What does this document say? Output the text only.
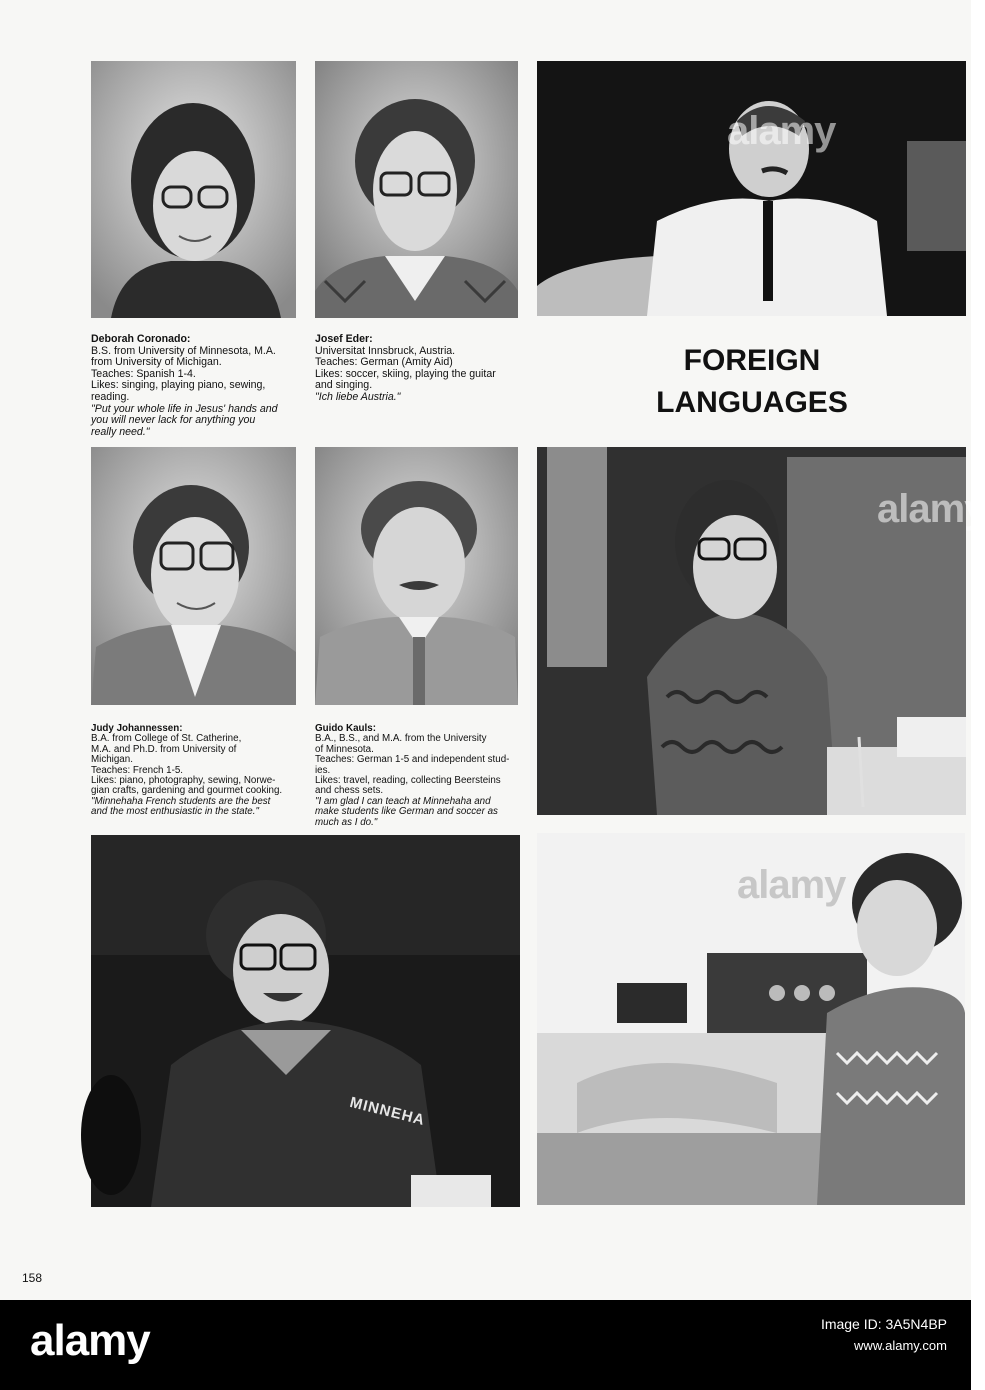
alamy
Deborah Coronado:
B.S. from University of Minnesota, M.A.
from University of Michigan.
Teaches: Spanish 1-4.
Likes: singing, playing piano, sewing,
reading.
"Put your whole life in Jesus' hands and
you will never lack for anything you
really need."
Josef Eder:
Universitat Innsbruck, Austria.
Teaches: German (Amity Aid)
Likes: soccer, skiing, playing the guitar
and singing.
"Ich liebe Austria."
FOREIGN
LANGUAGES
alamy
Judy Johannessen:
B.A. from College of St. Catherine,
M.A. and Ph.D. from University of
Michigan.
Teaches: French 1-5.
Likes: piano, photography, sewing, Norwe-
gian crafts, gardening and gourmet cooking.
"Minnehaha French students are the best
and the most enthusiastic in the state."
Guido Kauls:
B.A., B.S., and M.A. from the University
of Minnesota.
Teaches: German 1-5 and independent stud-
ies.
Likes: travel, reading, collecting Beersteins
and chess sets.
"I am glad I can teach at Minnehaha and
make students like German and soccer as
much as I do."
MINNEHA
alamy
158
alamy	Image ID: 3A5N4BP
www.alamy.com
